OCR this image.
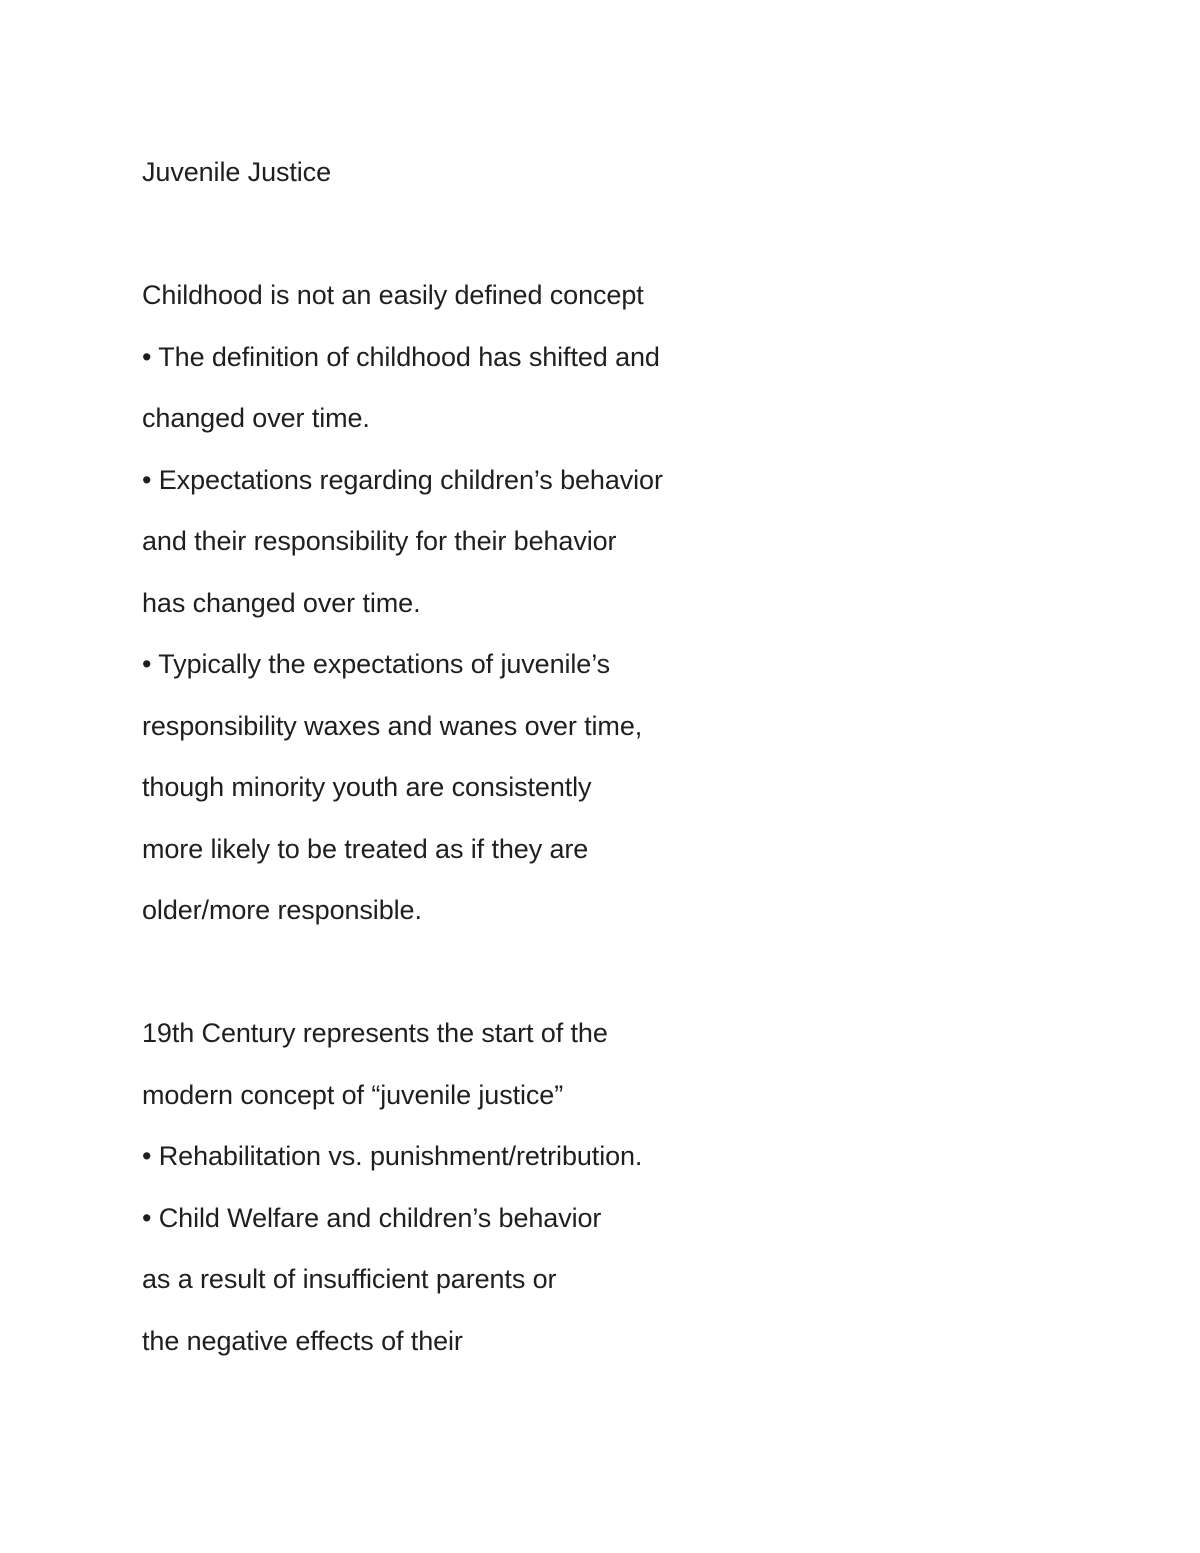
Juvenile Justice
Childhood is not an easily defined concept
• The definition of childhood has shifted and
changed over time.
• Expectations regarding children’s behavior
and their responsibility for their behavior
has changed over time.
• Typically the expectations of juvenile’s
responsibility waxes and wanes over time,
though minority youth are consistently
more likely to be treated as if they are
older/more responsible.
19th Century represents the start of the
modern concept of “juvenile justice”
• Rehabilitation vs. punishment/retribution.
• Child Welfare and children’s behavior
as a result of insufficient parents or
the negative effects of their
